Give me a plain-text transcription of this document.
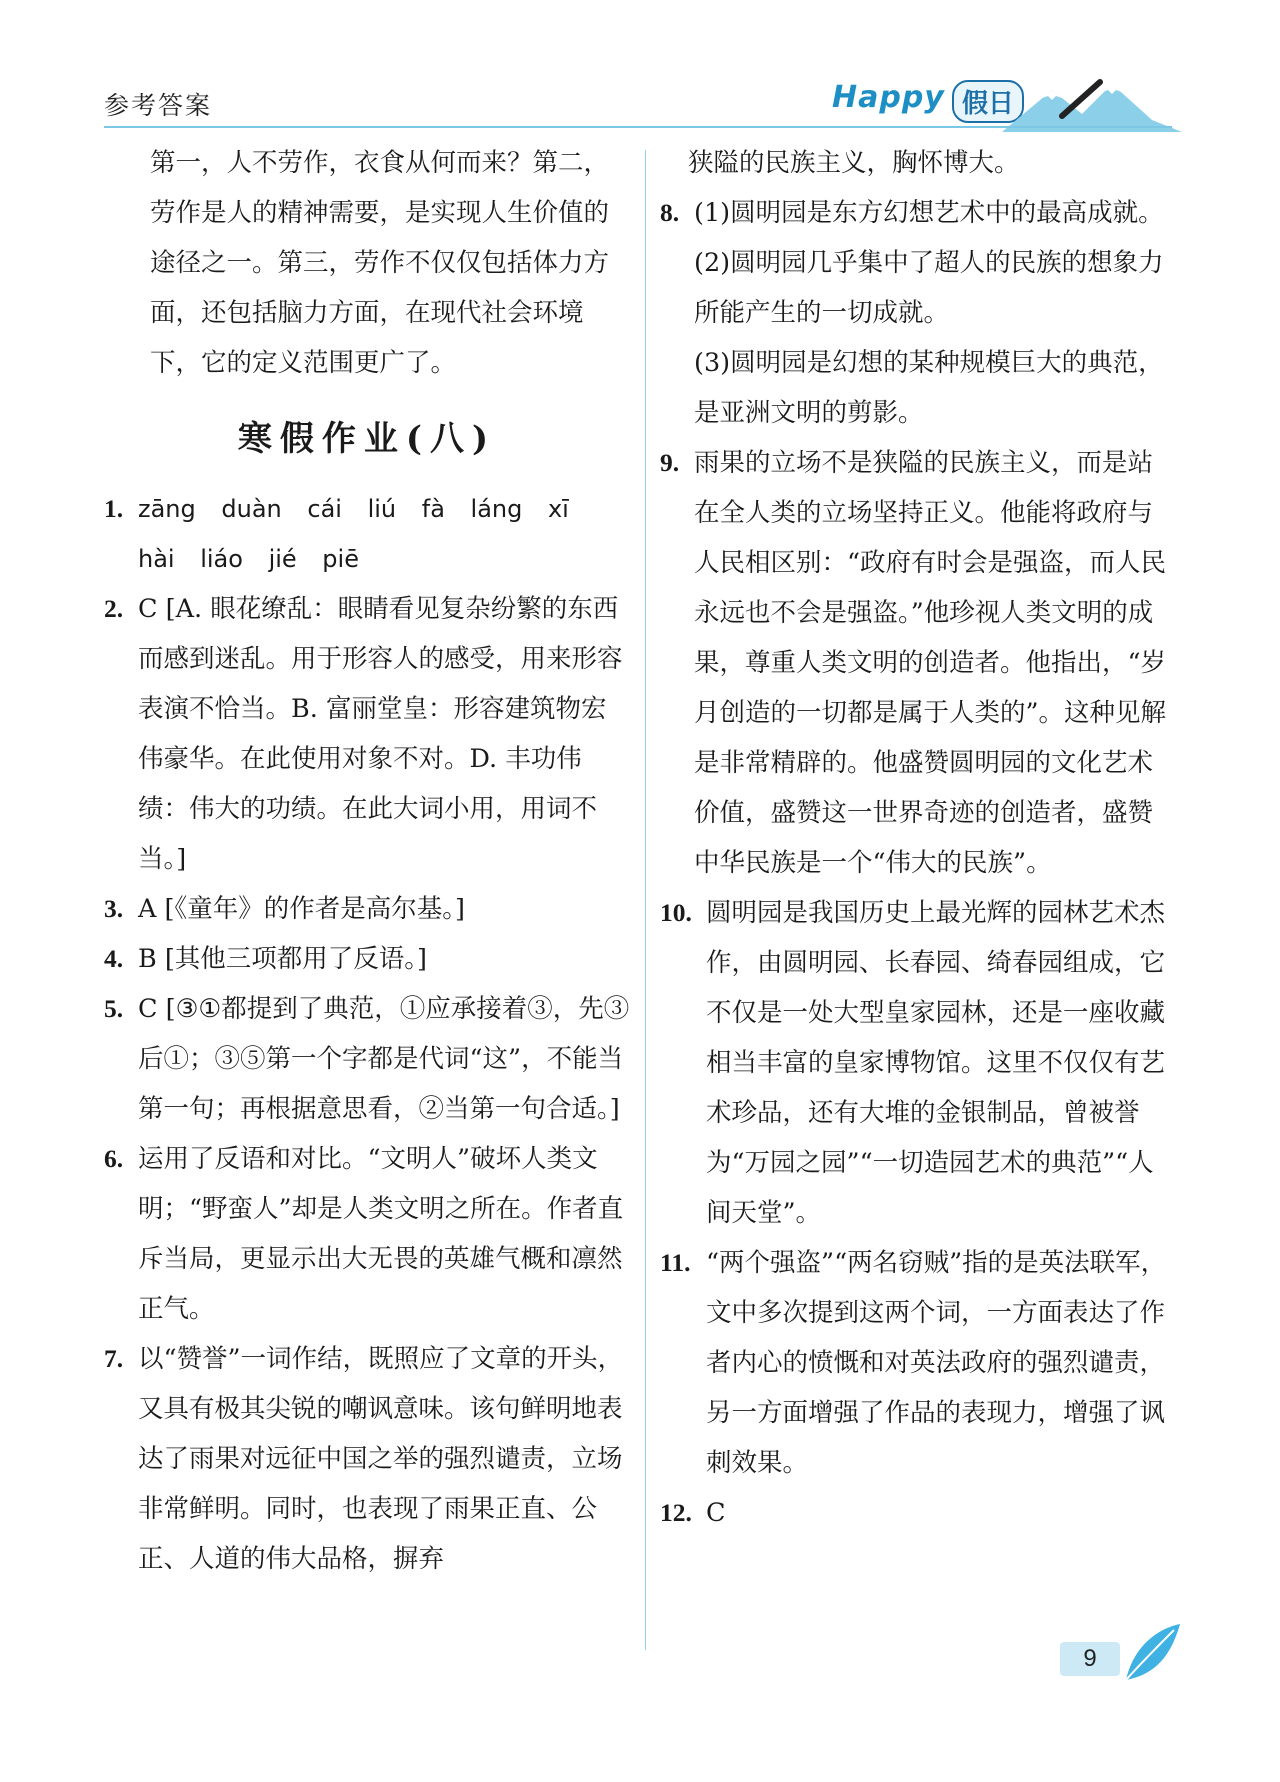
参考答案	Happy 假日
第一，人不劳作，衣食从何而来？第二，劳作是人的精神需要，是实现人生价值的途径之一。第三，劳作不仅仅包括体力方面，还包括脑力方面，在现代社会环境下，它的定义范围更广了。
寒假作业(八)
1. zāng duàn cái liú fà láng xī
hài liáo jié piē
2. C [A. 眼花缭乱：眼睛看见复杂纷繁的东西而感到迷乱。用于形容人的感受，用来形容表演不恰当。B. 富丽堂皇：形容建筑物宏伟豪华。在此使用对象不对。D. 丰功伟绩：伟大的功绩。在此大词小用，用词不当。]
3. A [《童年》的作者是高尔基。]
4. B [其他三项都用了反语。]
5. C [③①都提到了典范，①应承接着③，先③后①；③⑤第一个字都是代词“这”，不能当第一句；再根据意思看，②当第一句合适。]
6. 运用了反语和对比。“文明人”破坏人类文明；“野蛮人”却是人类文明之所在。作者直斥当局，更显示出大无畏的英雄气概和凛然正气。
7. 以“赞誉”一词作结，既照应了文章的开头，又具有极其尖锐的嘲讽意味。该句鲜明地表达了雨果对远征中国之举的强烈谴责，立场非常鲜明。同时，也表现了雨果正直、公正、人道的伟大品格，摒弃
狭隘的民族主义，胸怀博大。
8. (1)圆明园是东方幻想艺术中的最高成就。
(2)圆明园几乎集中了超人的民族的想象力所能产生的一切成就。
(3)圆明园是幻想的某种规模巨大的典范，是亚洲文明的剪影。
9. 雨果的立场不是狭隘的民族主义，而是站在全人类的立场坚持正义。他能将政府与人民相区别：“政府有时会是强盗，而人民永远也不会是强盗。”他珍视人类文明的成果，尊重人类文明的创造者。他指出，“岁月创造的一切都是属于人类的”。这种见解是非常精辟的。他盛赞圆明园的文化艺术价值，盛赞这一世界奇迹的创造者，盛赞中华民族是一个“伟大的民族”。
10. 圆明园是我国历史上最光辉的园林艺术杰作，由圆明园、长春园、绮春园组成，它不仅是一处大型皇家园林，还是一座收藏相当丰富的皇家博物馆。这里不仅仅有艺术珍品，还有大堆的金银制品，曾被誉为“万园之园”“一切造园艺术的典范”“人间天堂”。
11. “两个强盗”“两名窃贼”指的是英法联军，文中多次提到这两个词，一方面表达了作者内心的愤慨和对英法政府的强烈谴责，另一方面增强了作品的表现力，增强了讽刺效果。
12. C
9
